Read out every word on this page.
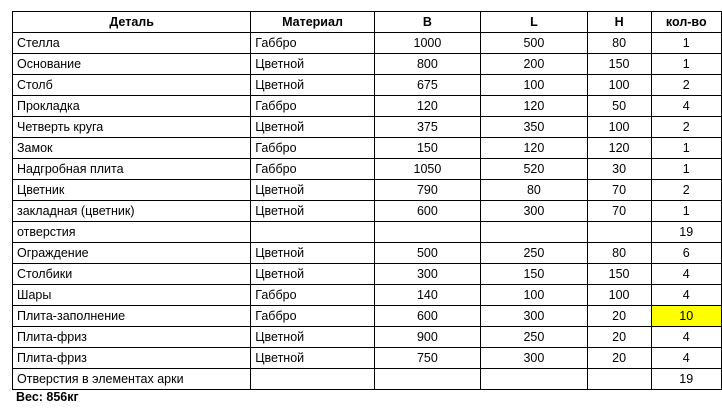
Деталь	Материал	B	L	H	кол-во
Стелла	Габбро	1000	500	80	1
Основание	Цветной	800	200	150	1
Столб	Цветной	675	100	100	2
Прокладка	Габбро	120	120	50	4
Четверть круга	Цветной	375	350	100	2
Замок	Габбро	150	120	120	1
Надгробная плита	Габбро	1050	520	30	1
Цветник	Цветной	790	80	70	2
закладная (цветник)	Цветной	600	300	70	1
отверстия					19
Ограждение	Цветной	500	250	80	6
Столбики	Цветной	300	150	150	4
Шары	Габбро	140	100	100	4
Плита-заполнение	Габбро	600	300	20	10
Плита-фриз	Цветной	900	250	20	4
Плита-фриз	Цветной	750	300	20	4
Отверстия в элементах арки					19
Вес: 856кг
